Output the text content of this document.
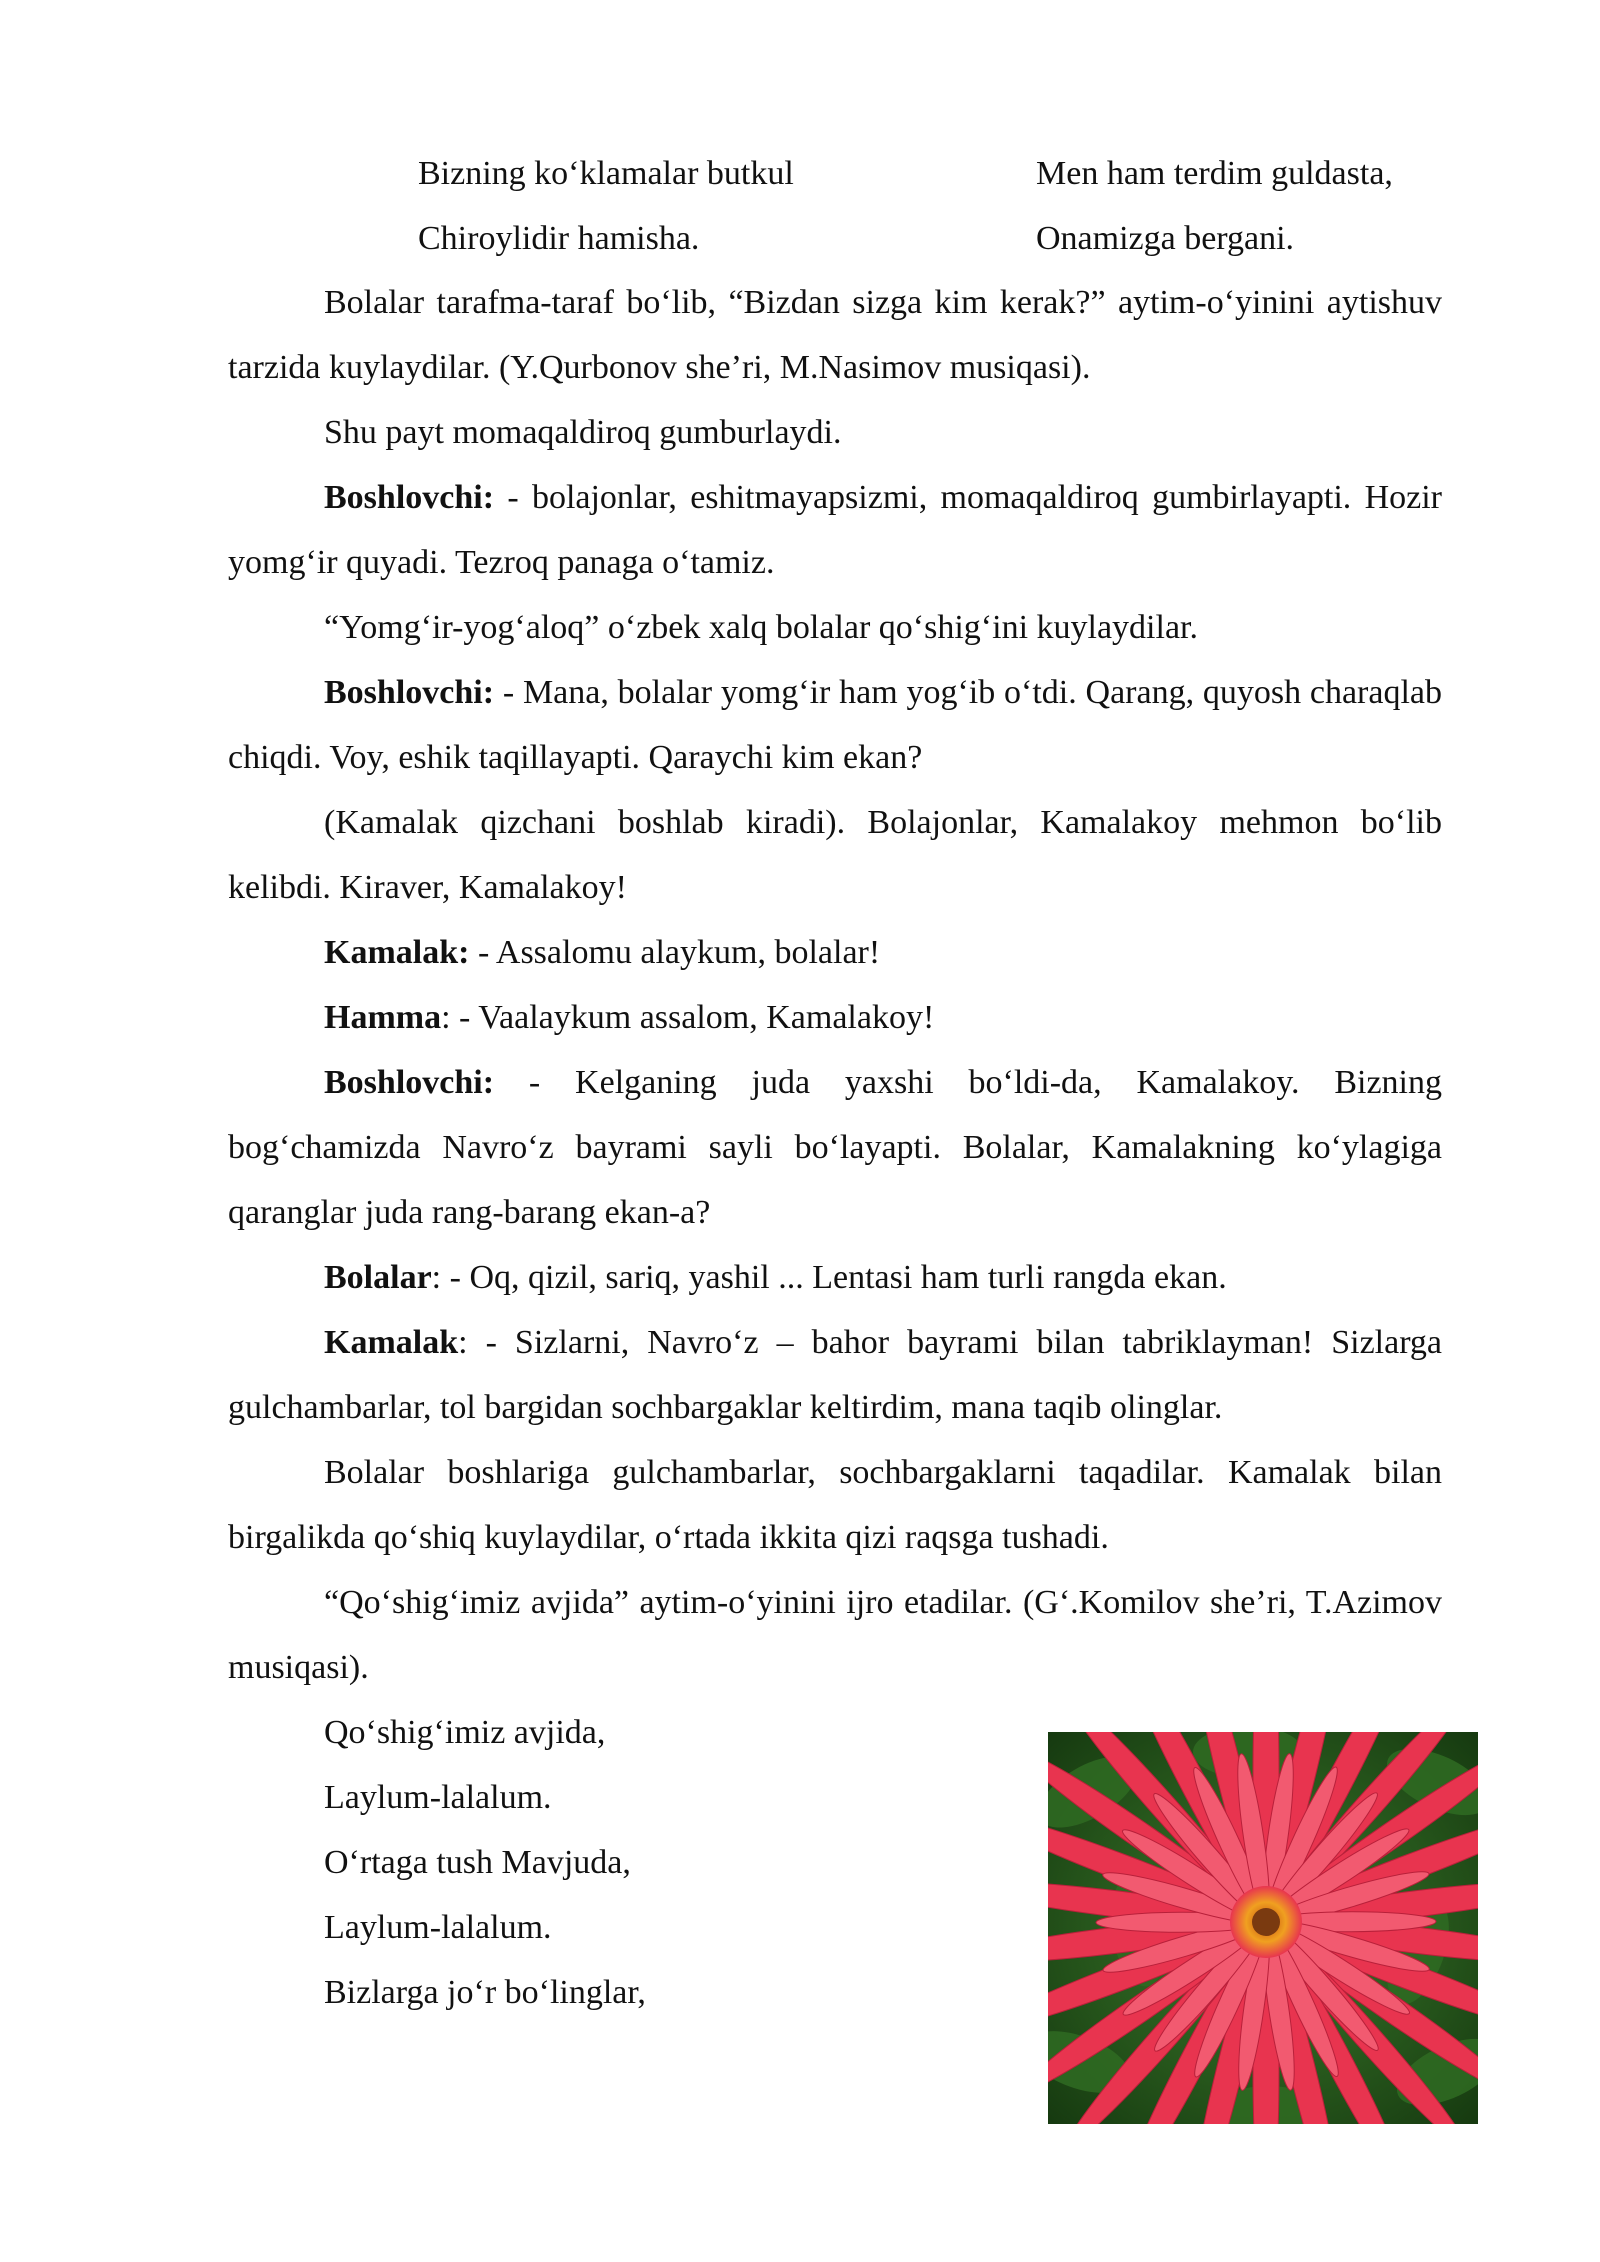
Bizning ko‘klamalar butkul
Chiroylidir hamisha.
Men ham terdim guldasta,
Onamizga bergani.

Bolalar tarafma-taraf bo‘lib, “Bizdan sizga kim kerak?” aytim-o‘yinini aytishuv tarzida kuylaydilar. (Y.Qurbonov she’ri, M.Nasimov musiqasi).

Shu payt momaqaldiroq gumburlaydi.

Boshlovchi: - bolajonlar, eshitmayapsizmi, momaqaldiroq gumbirlayapti. Hozir yomg‘ir quyadi. Tezroq panaga o‘tamiz.

“Yomg‘ir-yog‘aloq” o‘zbek xalq bolalar qo‘shig‘ini kuylaydilar.

Boshlovchi: - Mana, bolalar yomg‘ir ham yog‘ib o‘tdi. Qarang, quyosh charaqlab chiqdi. Voy, eshik taqillayapti. Qaraychi kim ekan?

(Kamalak qizchani boshlab kiradi). Bolajonlar, Kamalakoy mehmon bo‘lib kelibdi. Kiraver, Kamalakoy!

Kamalak: - Assalomu alaykum, bolalar!

Hamma: - Vaalaykum assalom, Kamalakoy!

Boshlovchi: - Kelganing juda yaxshi bo‘ldi-da, Kamalakoy. Bizning bog‘chamizda Navro‘z bayrami sayli bo‘layapti. Bolalar, Kamalakning ko‘ylagiga qaranglar juda rang-barang ekan-a?

Bolalar: - Oq, qizil, sariq, yashil ... Lentasi ham turli rangda ekan.

Kamalak: - Sizlarni, Navro‘z – bahor bayrami bilan tabriklayman! Sizlarga gulchambarlar, tol bargidan sochbargaklar keltirdim, mana taqib olinglar.

Bolalar boshlariga gulchambarlar, sochbargaklarni taqadilar. Kamalak bilan birgalikda qo‘shiq kuylaydilar, o‘rtada ikkita qizi raqsga tushadi.

“Qo‘shig‘imiz avjida” aytim-o‘yinini ijro etadilar. (G‘.Komilov she’ri, T.Azimov musiqasi).

Qo‘shig‘imiz avjida,

Laylum-lalalum.

O‘rtaga tush Mavjuda,

Laylum-lalalum.

Bizlarga jo‘r bo‘linglar,
